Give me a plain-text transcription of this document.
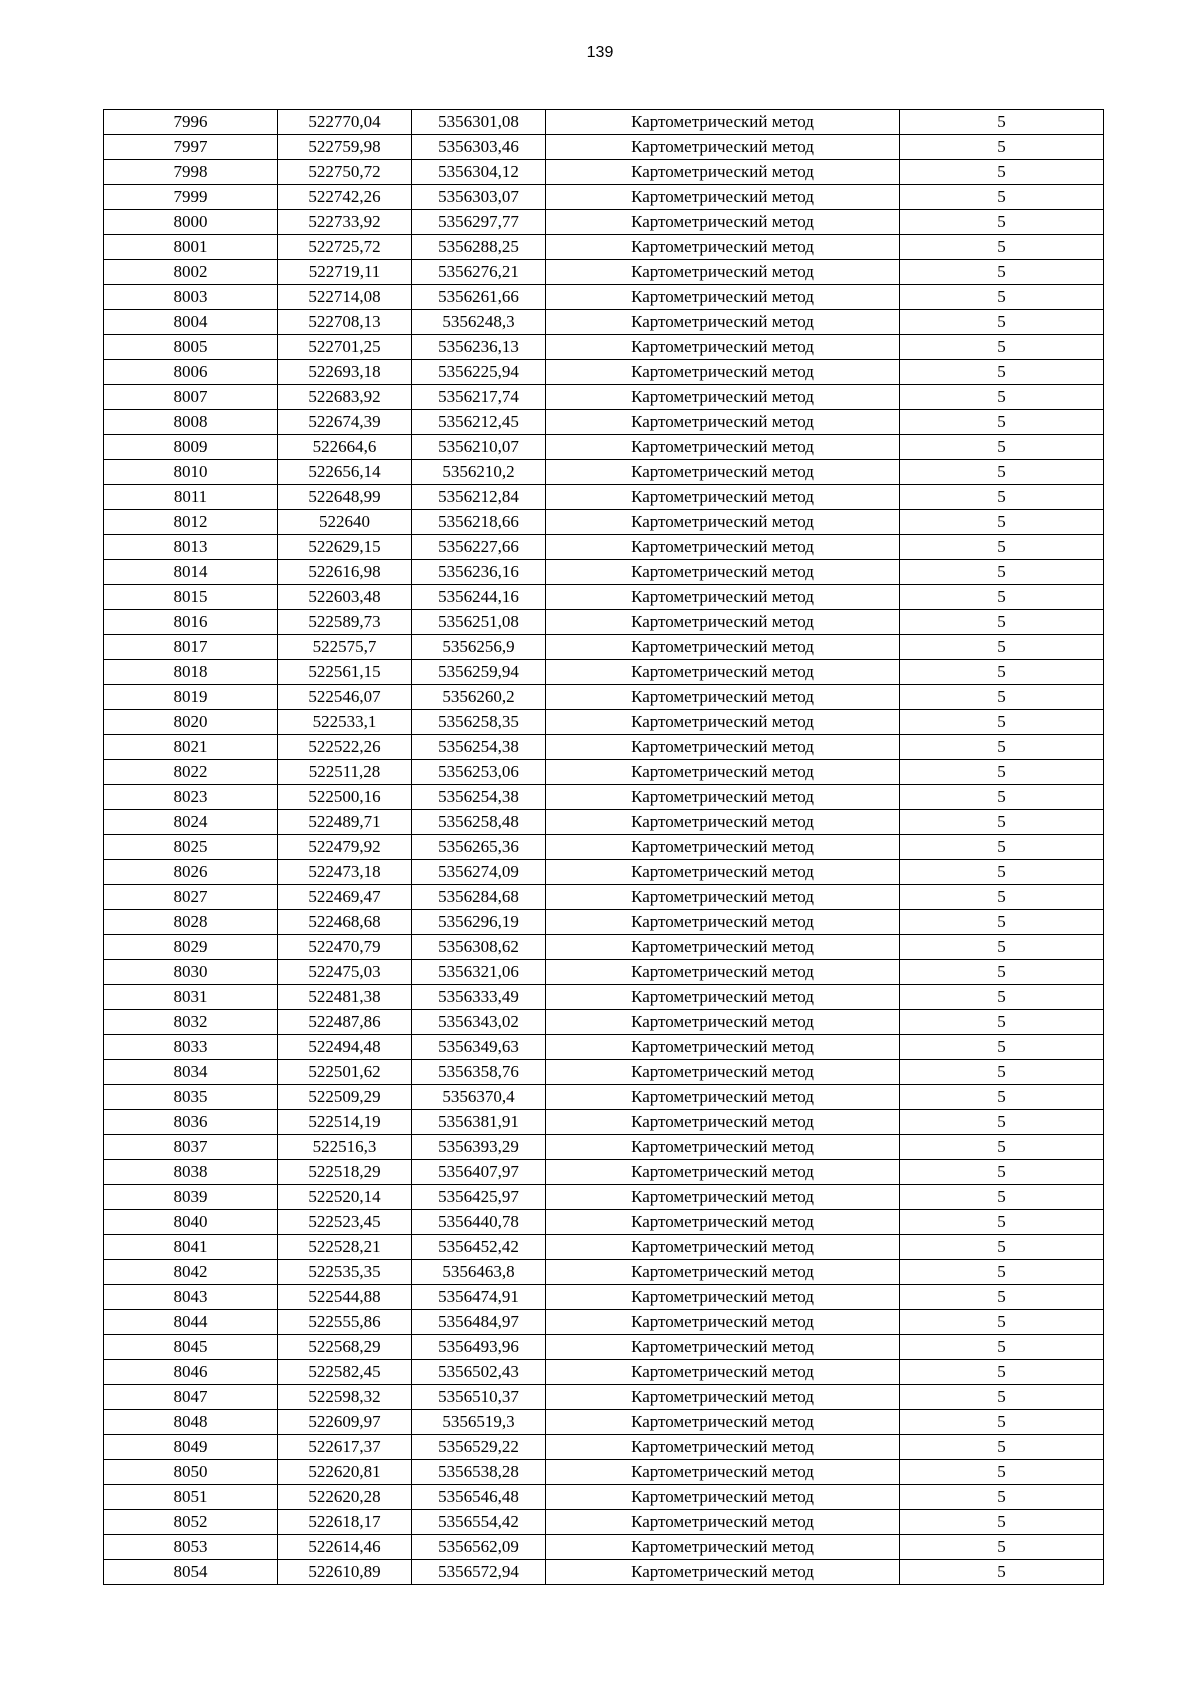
139
7996	522770,04	5356301,08	Картометрический метод	5
7997	522759,98	5356303,46	Картометрический метод	5
7998	522750,72	5356304,12	Картометрический метод	5
7999	522742,26	5356303,07	Картометрический метод	5
8000	522733,92	5356297,77	Картометрический метод	5
8001	522725,72	5356288,25	Картометрический метод	5
8002	522719,11	5356276,21	Картометрический метод	5
8003	522714,08	5356261,66	Картометрический метод	5
8004	522708,13	5356248,3	Картометрический метод	5
8005	522701,25	5356236,13	Картометрический метод	5
8006	522693,18	5356225,94	Картометрический метод	5
8007	522683,92	5356217,74	Картометрический метод	5
8008	522674,39	5356212,45	Картометрический метод	5
8009	522664,6	5356210,07	Картометрический метод	5
8010	522656,14	5356210,2	Картометрический метод	5
8011	522648,99	5356212,84	Картометрический метод	5
8012	522640	5356218,66	Картометрический метод	5
8013	522629,15	5356227,66	Картометрический метод	5
8014	522616,98	5356236,16	Картометрический метод	5
8015	522603,48	5356244,16	Картометрический метод	5
8016	522589,73	5356251,08	Картометрический метод	5
8017	522575,7	5356256,9	Картометрический метод	5
8018	522561,15	5356259,94	Картометрический метод	5
8019	522546,07	5356260,2	Картометрический метод	5
8020	522533,1	5356258,35	Картометрический метод	5
8021	522522,26	5356254,38	Картометрический метод	5
8022	522511,28	5356253,06	Картометрический метод	5
8023	522500,16	5356254,38	Картометрический метод	5
8024	522489,71	5356258,48	Картометрический метод	5
8025	522479,92	5356265,36	Картометрический метод	5
8026	522473,18	5356274,09	Картометрический метод	5
8027	522469,47	5356284,68	Картометрический метод	5
8028	522468,68	5356296,19	Картометрический метод	5
8029	522470,79	5356308,62	Картометрический метод	5
8030	522475,03	5356321,06	Картометрический метод	5
8031	522481,38	5356333,49	Картометрический метод	5
8032	522487,86	5356343,02	Картометрический метод	5
8033	522494,48	5356349,63	Картометрический метод	5
8034	522501,62	5356358,76	Картометрический метод	5
8035	522509,29	5356370,4	Картометрический метод	5
8036	522514,19	5356381,91	Картометрический метод	5
8037	522516,3	5356393,29	Картометрический метод	5
8038	522518,29	5356407,97	Картометрический метод	5
8039	522520,14	5356425,97	Картометрический метод	5
8040	522523,45	5356440,78	Картометрический метод	5
8041	522528,21	5356452,42	Картометрический метод	5
8042	522535,35	5356463,8	Картометрический метод	5
8043	522544,88	5356474,91	Картометрический метод	5
8044	522555,86	5356484,97	Картометрический метод	5
8045	522568,29	5356493,96	Картометрический метод	5
8046	522582,45	5356502,43	Картометрический метод	5
8047	522598,32	5356510,37	Картометрический метод	5
8048	522609,97	5356519,3	Картометрический метод	5
8049	522617,37	5356529,22	Картометрический метод	5
8050	522620,81	5356538,28	Картометрический метод	5
8051	522620,28	5356546,48	Картометрический метод	5
8052	522618,17	5356554,42	Картометрический метод	5
8053	522614,46	5356562,09	Картометрический метод	5
8054	522610,89	5356572,94	Картометрический метод	5
